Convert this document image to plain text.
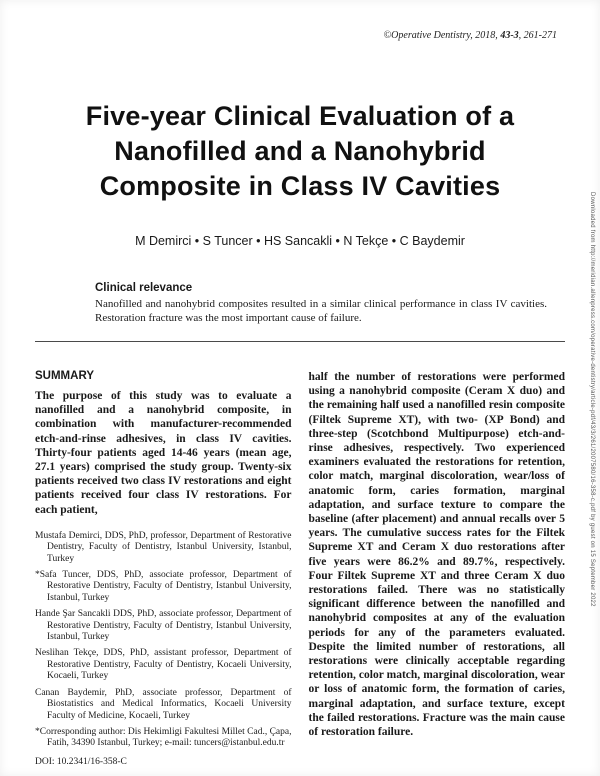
©Operative Dentistry, 2018, 43-3, 261-271
Five-year Clinical Evaluation of a Nanofilled and a Nanohybrid Composite in Class IV Cavities
M Demirci • S Tuncer • HS Sancakli • N Tekçe • C Baydemir
Clinical relevance
Nanofilled and nanohybrid composites resulted in a similar clinical performance in class IV cavities. Restoration fracture was the most important cause of failure.
SUMMARY
The purpose of this study was to evaluate a nanofilled and a nanohybrid composite, in combination with manufacturer-recommended etch-and-rinse adhesives, in class IV cavities. Thirty-four patients aged 14-46 years (mean age, 27.1 years) comprised the study group. Twenty-six patients received two class IV restorations and eight patients received four class IV restorations. For each patient,

Mustafa Demirci, DDS, PhD, professor, Department of Restorative Dentistry, Faculty of Dentistry, Istanbul University, Istanbul, Turkey

*Safa Tuncer, DDS, PhD, associate professor, Department of Restorative Dentistry, Faculty of Dentistry, Istanbul University, Istanbul, Turkey

Hande Şar Sancakli DDS, PhD, associate professor, Department of Restorative Dentistry, Faculty of Dentistry, Istanbul University, Istanbul, Turkey

Neslihan Tekçe, DDS, PhD, assistant professor, Department of Restorative Dentistry, Faculty of Dentistry, Kocaeli University, Kocaeli, Turkey

Canan Baydemir, PhD, associate professor, Department of Biostatistics and Medical Informatics, Kocaeli University Faculty of Medicine, Kocaeli, Turkey

*Corresponding author: Dis Hekimligi Fakultesi Millet Cad., Çapa, Fatih, 34390 Istanbul, Turkey; e-mail: tuncers@istanbul.edu.tr

DOI: 10.2341/16-358-C
half the number of restorations were performed using a nanohybrid composite (Ceram X duo) and the remaining half used a nanofilled resin composite (Filtek Supreme XT), with two- (XP Bond) and three-step (Scotchbond Multipurpose) etch-and-rinse adhesives, respectively. Two experienced examiners evaluated the restorations for retention, color match, marginal discoloration, wear/loss of anatomic form, caries formation, marginal adaptation, and surface texture to compare the baseline (after placement) and annual recalls over 5 years. The cumulative success rates for the Filtek Supreme XT and Ceram X duo restorations after five years were 86.2% and 89.7%, respectively. Four Filtek Supreme XT and three Ceram X duo restorations failed. There was no statistically significant difference between the nanofilled and nanohybrid composites at any of the evaluation periods for any of the parameters evaluated. Despite the limited number of restorations, all restorations were clinically acceptable regarding retention, color match, marginal discoloration, wear or loss of anatomic form, the formation of caries, marginal adaptation, and surface texture, except the failed restorations. Fracture was the main cause of restoration failure.
Downloaded from http://meridian.allenpress.com/operative-dentistry/article-pdf/43/3/261/2007580/16-358-c.pdf by guest on 15 September 2022
